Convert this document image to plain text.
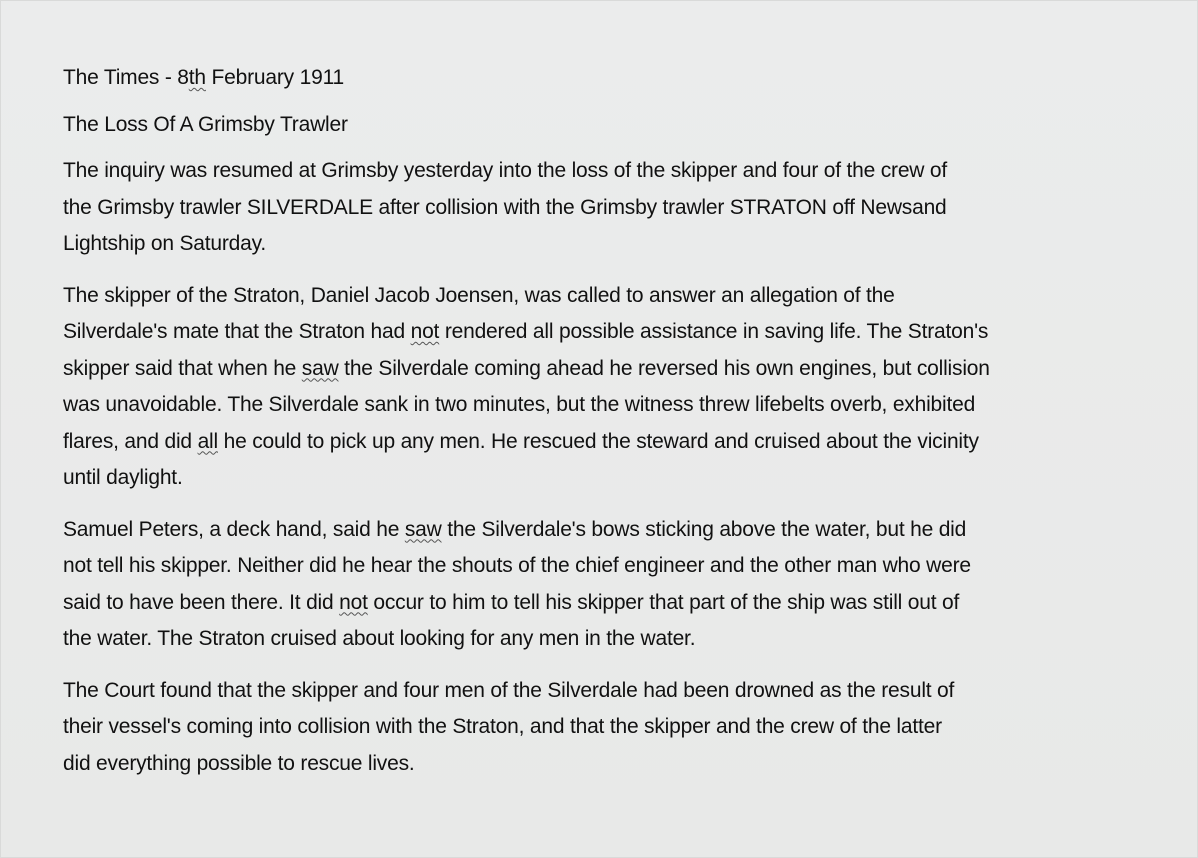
The Times - 8th February 1911

The Loss Of A Grimsby Trawler

The inquiry was resumed at Grimsby yesterday into the loss of the skipper and four of the crew of
the Grimsby trawler SILVERDALE after collision with the Grimsby trawler STRATON off Newsand
Lightship on Saturday.

The skipper of the Straton, Daniel Jacob Joensen, was called to answer an allegation of the
Silverdale's mate that the Straton had not rendered all possible assistance in saving life. The Straton's
skipper said that when he saw the Silverdale coming ahead he reversed his own engines, but collision
was unavoidable. The Silverdale sank in two minutes, but the witness threw lifebelts overb, exhibited
flares, and did all he could to pick up any men. He rescued the steward and cruised about the vicinity
until daylight.

Samuel Peters, a deck hand, said he saw the Silverdale's bows sticking above the water, but he did
not tell his skipper. Neither did he hear the shouts of the chief engineer and the other man who were
said to have been there. It did not occur to him to tell his skipper that part of the ship was still out of
the water. The Straton cruised about looking for any men in the water.

The Court found that the skipper and four men of the Silverdale had been drowned as the result of
their vessel's coming into collision with the Straton, and that the skipper and the crew of the latter
did everything possible to rescue lives.
